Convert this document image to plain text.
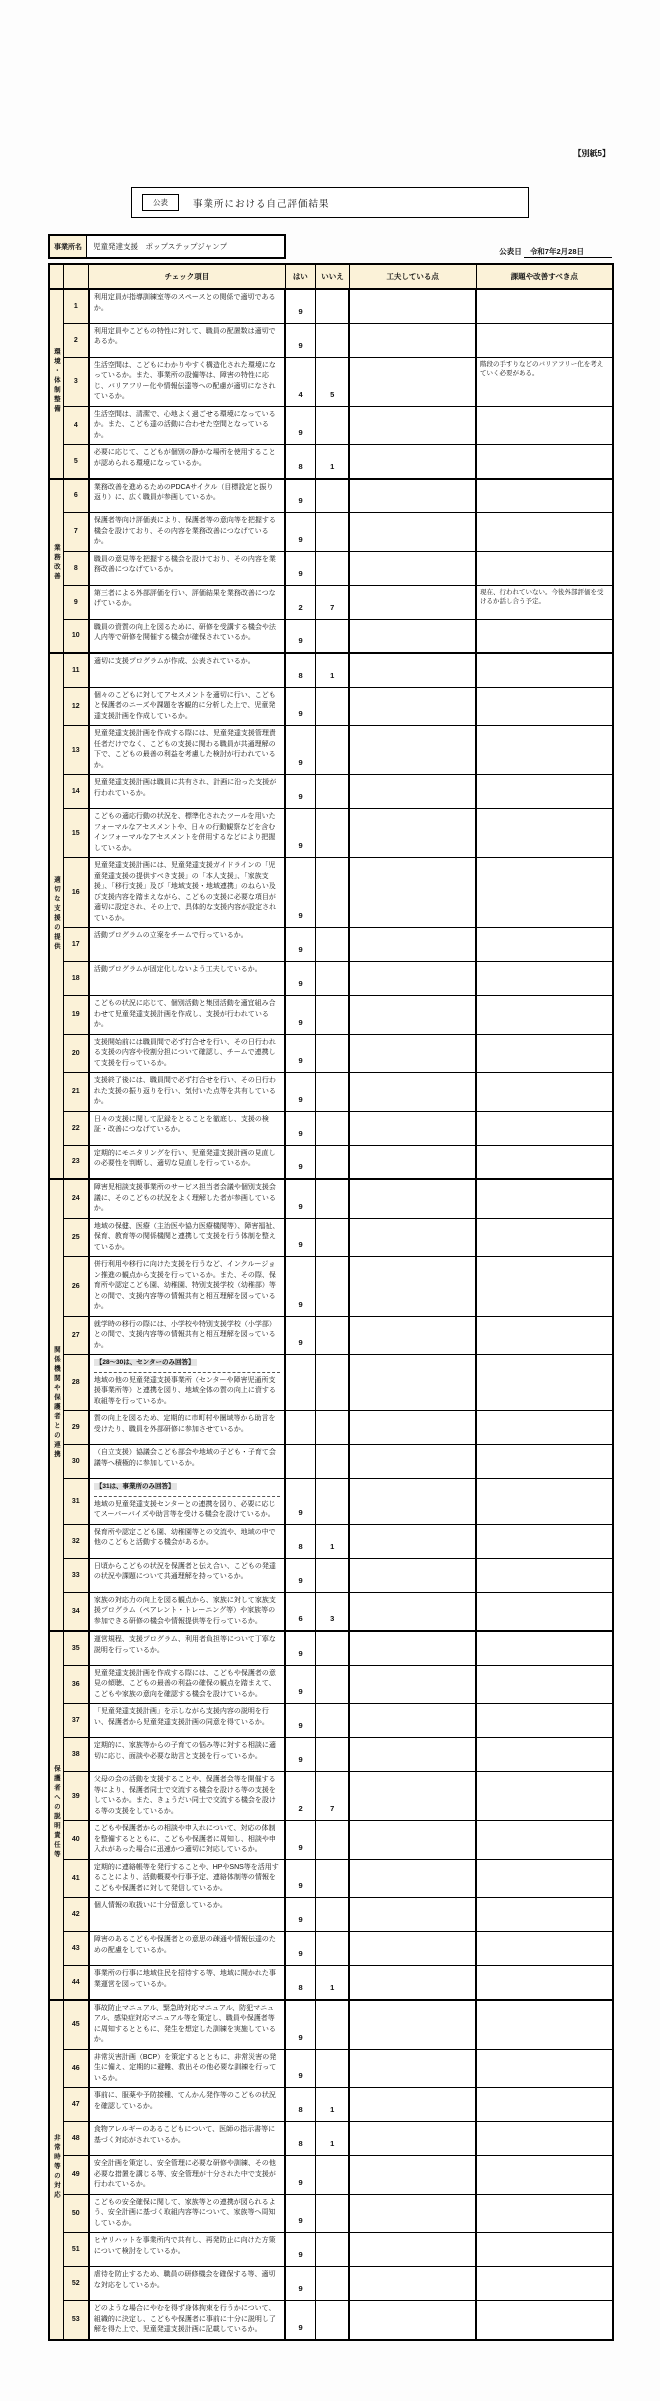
【別紙5】
公表	事業所における自己評価結果
事業所名	児童発達支援　ポップステップジャンプ
公表日 令和7年2月28日
		チェック項目	はい	いいえ	工夫している点	課題や改善すべき点
環境・体制整備	1	利用定員が指導訓練室等のスペースとの関係で適切であるか。	9			
	2	利用定員やこどもの特性に対して、職員の配置数は適切であるか。	9			
	3	生活空間は、こどもにわかりやすく構造化された環境になっているか。また、事業所の設備等は、障害の特性に応じ、バリアフリー化や情報伝達等への配慮が適切になされているか。	4	5		階段の手すりなどのバリアフリー化を考えていく必要がある。
	4	生活空間は、清潔で、心地よく過ごせる環境になっているか。また、こども達の活動に合わせた空間となっているか。	9			
	5	必要に応じて、こどもが個別の静かな場所を使用することが認められる環境になっているか。	8	1		
業務改善	6	業務改善を進めるためのPDCAサイクル（目標設定と振り返り）に、広く職員が参画しているか。	9			
	7	保護者等向け評価表により、保護者等の意向等を把握する機会を設けており、その内容を業務改善につなげているか。	9			
	8	職員の意見等を把握する機会を設けており、その内容を業務改善につなげているか。	9			
	9	第三者による外部評価を行い、評価結果を業務改善につなげているか。	2	7		現在、行われていない。今後外部評価を受けるか話し合う予定。
	10	職員の資質の向上を図るために、研修を受講する機会や法人内等で研修を開催する機会が確保されているか。	9			
適切な支援の提供	11	適切に支援プログラムが作成、公表されているか。	8	1		
	12	個々のこどもに対してアセスメントを適切に行い、こどもと保護者のニーズや課題を客観的に分析した上で、児童発達支援計画を作成しているか。	9			
	13	児童発達支援計画を作成する際には、児童発達支援管理責任者だけでなく、こどもの支援に関わる職員が共通理解の下で、こどもの最善の利益を考慮した検討が行われているか。	9			
	14	児童発達支援計画は職員に共有され、計画に沿った支援が行われているか。	9			
	15	こどもの適応行動の状況を、標準化されたツールを用いたフォーマルなアセスメントや、日々の行動観察などを含むインフォーマルなアセスメントを併用するなどにより把握しているか。	9			
	16	児童発達支援計画には、児童発達支援ガイドラインの「児童発達支援の提供すべき支援」の「本人支援」、「家族支援」、「移行支援」及び「地域支援・地域連携」のねらい及び支援内容を踏まえながら、こどもの支援に必要な項目が適切に設定され、その上で、具体的な支援内容が設定されているか。	9			
	17	活動プログラムの立案をチームで行っているか。	9			
	18	活動プログラムが固定化しないよう工夫しているか。	9			
	19	こどもの状況に応じて、個別活動と集団活動を適宜組み合わせて児童発達支援計画を作成し、支援が行われているか。	9			
	20	支援開始前には職員間で必ず打合せを行い、その日行われる支援の内容や役割分担について確認し、チームで連携して支援を行っているか。	9			
	21	支援終了後には、職員間で必ず打合せを行い、その日行われた支援の振り返りを行い、気付いた点等を共有しているか。	9			
	22	日々の支援に関して記録をとることを徹底し、支援の検証・改善につなげているか。	9			
	23	定期的にモニタリングを行い、児童発達支援計画の見直しの必要性を判断し、適切な見直しを行っているか。	9			
関係機関や保護者との連携	24	障害児相談支援事業所のサービス担当者会議や個別支援会議に、そのこどもの状況をよく理解した者が参画しているか。	9			
	25	地域の保健、医療（主治医や協力医療機関等）、障害福祉、保育、教育等の関係機関と連携して支援を行う体制を整えているか。	9			
	26	併行利用や移行に向けた支援を行うなど、インクルージョン推進の観点から支援を行っているか。また、その際、保育所や認定こども園、幼稚園、特別支援学校（幼稚部）等との間で、支援内容等の情報共有と相互理解を図っているか。	9			
	27	就学時の移行の際には、小学校や特別支援学校（小学部）との間で、支援内容等の情報共有と相互理解を図っているか。	9			
	28	【28～30は、センターのみ回答】
地域の他の児童発達支援事業所（センターや障害児通所支援事業所等）と連携を図り、地域全体の質の向上に資する取組等を行っているか。				
	29	質の向上を図るため、定期的に市町村や圏域等から助言を受けたり、職員を外部研修に参加させているか。				
	30	（自立支援）協議会こども部会や地域の子ども・子育て会議等へ積極的に参加しているか。				
	31	【31は、事業所のみ回答】
地域の児童発達支援センターとの連携を図り、必要に応じてスーパーバイズや助言等を受ける機会を設けているか。	9			
	32	保育所や認定こども園、幼稚園等との交流や、地域の中で他のこどもと活動する機会があるか。	8	1		
	33	日頃からこどもの状況を保護者と伝え合い、こどもの発達の状況や課題について共通理解を持っているか。	9			
	34	家族の対応力の向上を図る観点から、家族に対して家族支援プログラム（ペアレント・トレーニング等）や家族等の参加できる研修の機会や情報提供等を行っているか。	6	3		
保護者への説明責任等	35	運営規程、支援プログラム、利用者負担等について丁寧な説明を行っているか。	9			
	36	児童発達支援計画を作成する際には、こどもや保護者の意見の傾聴、こどもの最善の利益の確保の観点を踏まえて、こどもや家族の意向を確認する機会を設けているか。	9			
	37	「児童発達支援計画」を示しながら支援内容の説明を行い、保護者から児童発達支援計画の同意を得ているか。	9			
	38	定期的に、家族等からの子育ての悩み等に対する相談に適切に応じ、面談や必要な助言と支援を行っているか。	9			
	39	父母の会の活動を支援することや、保護者会等を開催する等により、保護者同士で交流する機会を設ける等の支援をしているか。また、きょうだい同士で交流する機会を設ける等の支援をしているか。	2	7		
	40	こどもや保護者からの相談や申入れについて、対応の体制を整備するとともに、こどもや保護者に周知し、相談や申入れがあった場合に迅速かつ適切に対応しているか。	9			
	41	定期的に連絡帳等を発行することや、HPやSNS等を活用することにより、活動概要や行事予定、連絡体制等の情報をこどもや保護者に対して発信しているか。	9			
	42	個人情報の取扱いに十分留意しているか。	9			
	43	障害のあるこどもや保護者との意思の疎通や情報伝達のための配慮をしているか。	9			
	44	事業所の行事に地域住民を招待する等、地域に開かれた事業運営を図っているか。	8	1		
非常時等の対応	45	事故防止マニュアル、緊急時対応マニュアル、防犯マニュアル、感染症対応マニュアル等を策定し、職員や保護者等に周知するとともに、発生を想定した訓練を実施しているか。	9			
	46	非常災害計画（BCP）を策定するとともに、非常災害の発生に備え、定期的に避難、救出その他必要な訓練を行っているか。	9			
	47	事前に、服薬や予防接種、てんかん発作等のこどもの状況を確認しているか。	8	1		
	48	食物アレルギーのあるこどもについて、医師の指示書等に基づく対応がされているか。	8	1		
	49	安全計画を策定し、安全管理に必要な研修や訓練、その他必要な措置を講じる等、安全管理が十分された中で支援が行われているか。	9			
	50	こどもの安全確保に関して、家族等との連携が図られるよう、安全計画に基づく取組内容等について、家族等へ周知しているか。	9			
	51	ヒヤリハットを事業所内で共有し、再発防止に向けた方策について検討をしているか。	9			
	52	虐待を防止するため、職員の研修機会を確保する等、適切な対応をしているか。	9			
	53	どのような場合にやむを得ず身体拘束を行うかについて、組織的に決定し、こどもや保護者に事前に十分に説明し了解を得た上で、児童発達支援計画に記載しているか。	9			
